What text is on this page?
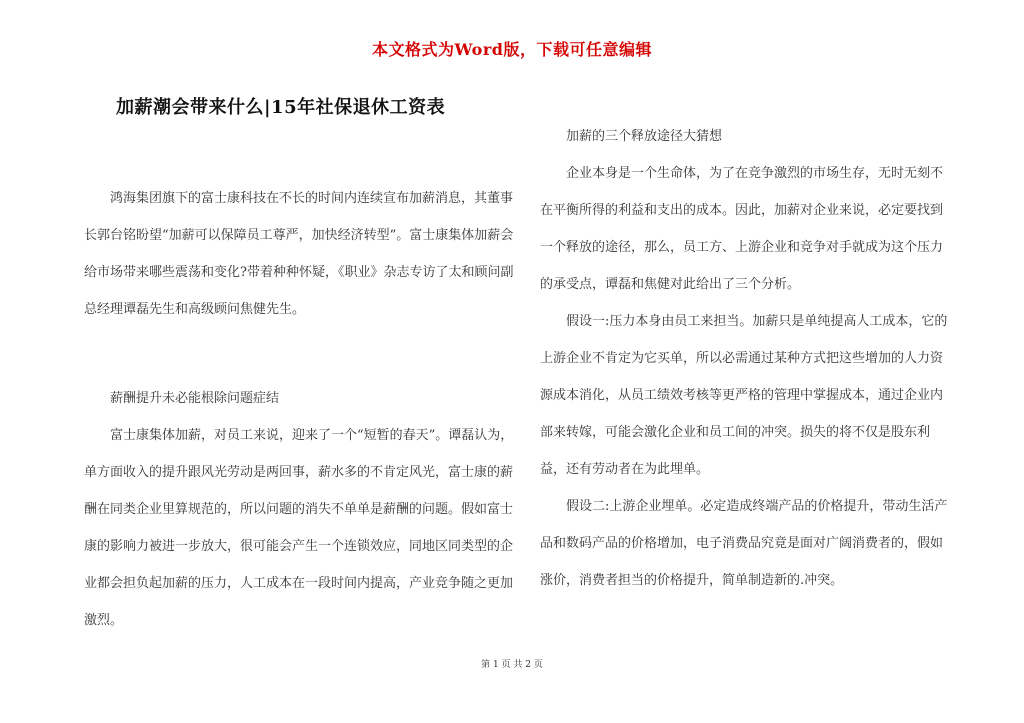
本文格式为Word版，下载可任意编辑
加薪潮会带来什么|15年社保退休工资表

鸿海集团旗下的富士康科技在不长的时间内连续宣布加薪消息，其董事长郭台铭盼望“加薪可以保障员工尊严，加快经济转型”。富士康集体加薪会给市场带来哪些震荡和变化?带着种种怀疑，《职业》杂志专访了太和顾问副总经理谭磊先生和高级顾问焦健先生。

薪酬提升未必能根除问题症结

富士康集体加薪，对员工来说，迎来了一个“短暂的春天”。谭磊认为，单方面收入的提升跟风光劳动是两回事，薪水多的不肯定风光，富士康的薪酬在同类企业里算规范的，所以问题的消失不单单是薪酬的问题。假如富士康的影响力被进一步放大，很可能会产生一个连锁效应，同地区同类型的企业都会担负起加薪的压力，人工成本在一段时间内提高，产业竞争随之更加激烈。

加薪的三个释放途径大猜想

企业本身是一个生命体，为了在竞争激烈的市场生存，无时无刻不在平衡所得的利益和支出的成本。因此，加薪对企业来说，必定要找到一个释放的途径，那么，员工方、上游企业和竞争对手就成为这个压力的承受点，谭磊和焦健对此给出了三个分析。

假设一:压力本身由员工来担当。加薪只是单纯提高人工成本，它的上游企业不肯定为它买单，所以必需通过某种方式把这些增加的人力资源成本消化，从员工绩效考核等更严格的管理中掌握成本，通过企业内部来转嫁，可能会激化企业和员工间的冲突。损失的将不仅是股东利益，还有劳动者在为此埋单。

假设二:上游企业埋单。必定造成终端产品的价格提升，带动生活产品和数码产品的价格增加，电子消费品究竟是面对广阔消费者的，假如涨价，消费者担当的价格提升，简单制造新的.冲突。

第 1 页 共 2 页
